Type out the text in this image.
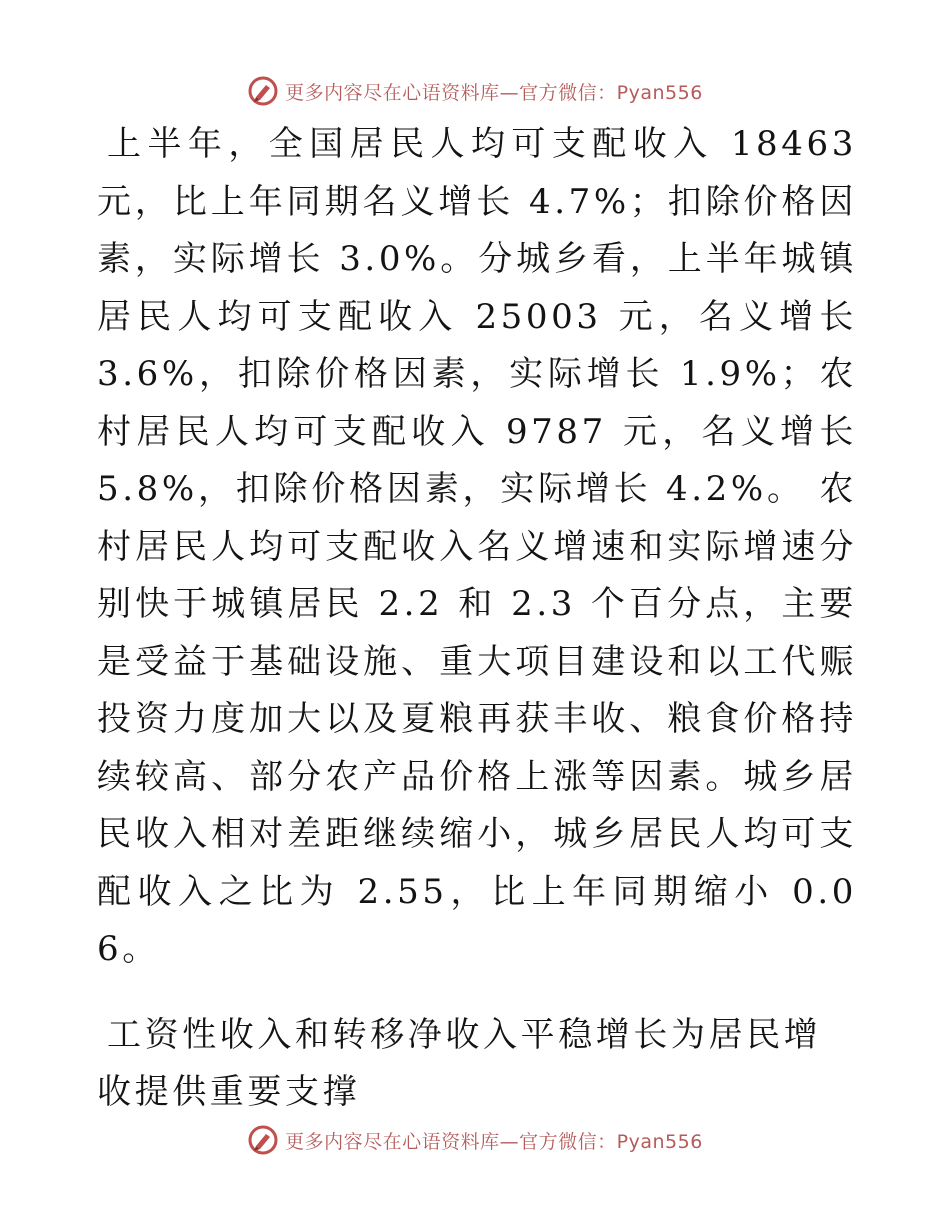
更多内容尽在心语资料库—官方微信：Pyan556

上半年，全国居民人均可支配收入 18463 元，比上年同期名义增长 4.7%；扣除价格因素，实际增长 3.0%。分城乡看，上半年城镇居民人均可支配收入 25003 元，名义增长 3.6%，扣除价格因素，实际增长 1.9%；农村居民人均可支配收入 9787 元，名义增长 5.8%，扣除价格因素，实际增长 4.2%。 农村居民人均可支配收入名义增速和实际增速分别快于城镇居民 2.2 和 2.3 个百分点，主要是受益于基础设施、重大项目建设和以工代赈投资力度加大以及夏粮再获丰收、粮食价格持续较高、部分农产品价格上涨等因素。城乡居民收入相对差距继续缩小，城乡居民人均可支配收入之比为 2.55，比上年同期缩小 0.06。

工资性收入和转移净收入平稳增长为居民增收提供重要支撑
更多内容尽在心语资料库—官方微信：Pyan556
